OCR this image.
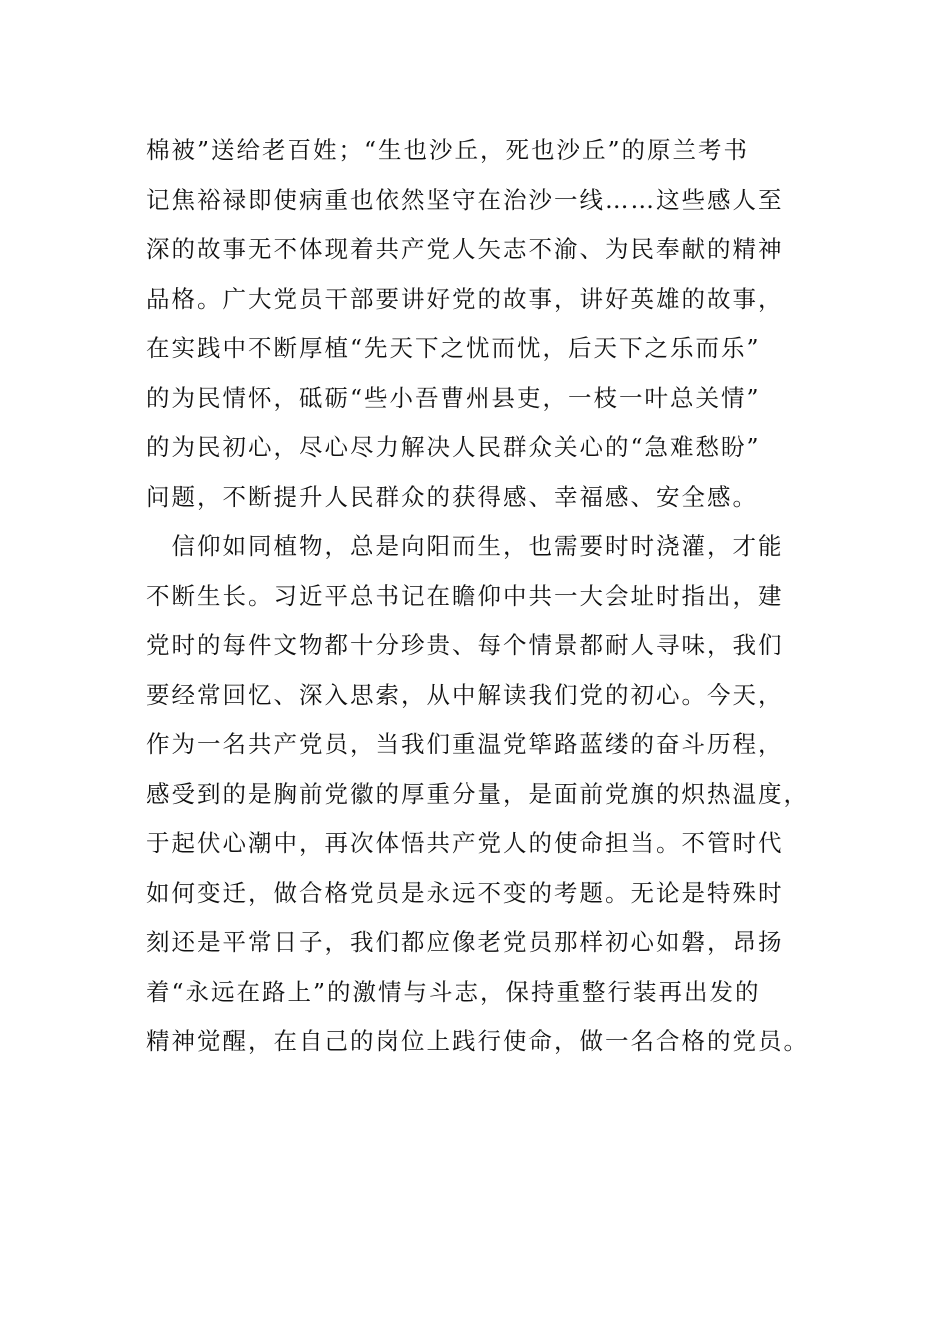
棉被”送给老百姓；“生也沙丘，死也沙丘”的原兰考书
记焦裕禄即使病重也依然坚守在治沙一线……这些感人至
深的故事无不体现着共产党人矢志不渝、为民奉献的精神
品格。广大党员干部要讲好党的故事，讲好英雄的故事，
在实践中不断厚植“先天下之忧而忧，后天下之乐而乐”
的为民情怀，砥砺“些小吾曹州县吏，一枝一叶总关情”
的为民初心，尽心尽力解决人民群众关心的“急难愁盼”
问题，不断提升人民群众的获得感、幸福感、安全感。
　信仰如同植物，总是向阳而生，也需要时时浇灌，才能
不断生长。习近平总书记在瞻仰中共一大会址时指出，建
党时的每件文物都十分珍贵、每个情景都耐人寻味，我们
要经常回忆、深入思索，从中解读我们党的初心。今天，
作为一名共产党员，当我们重温党筚路蓝缕的奋斗历程，
感受到的是胸前党徽的厚重分量，是面前党旗的炽热温度，
于起伏心潮中，再次体悟共产党人的使命担当。不管时代
如何变迁，做合格党员是永远不变的考题。无论是特殊时
刻还是平常日子，我们都应像老党员那样初心如磐，昂扬
着“永远在路上”的激情与斗志，保持重整行装再出发的
精神觉醒，在自己的岗位上践行使命，做一名合格的党员。
